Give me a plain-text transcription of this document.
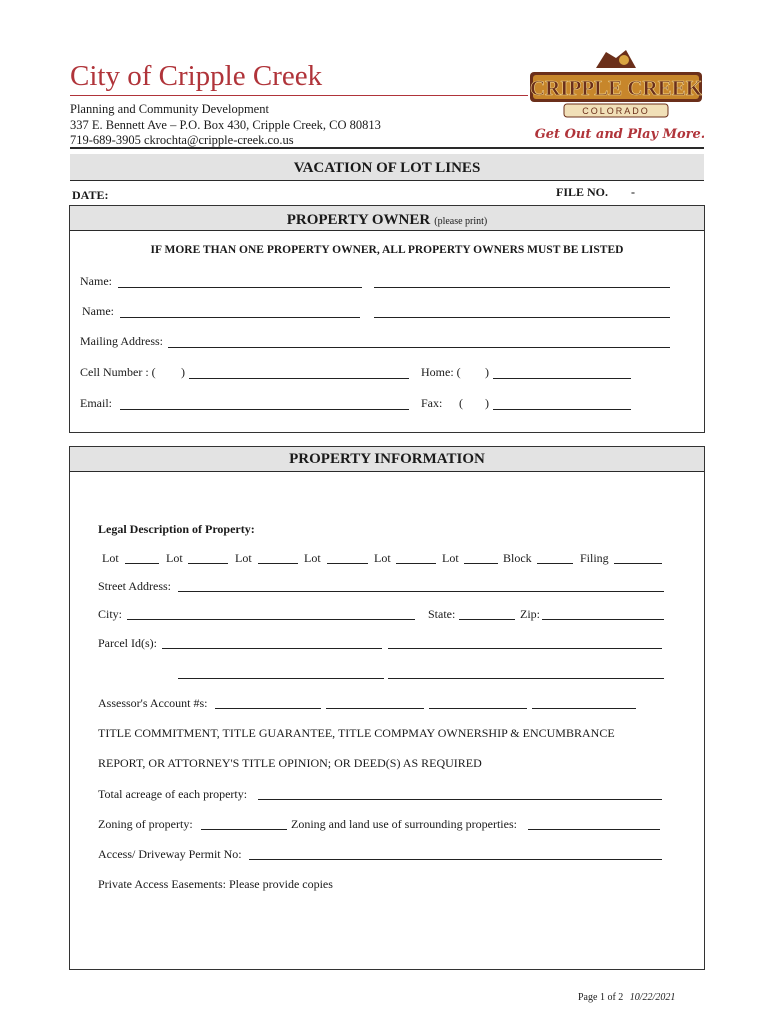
City of Cripple Creek
Planning and Community Development
337 E. Bennett Ave – P.O. Box 430, Cripple Creek, CO 80813
719-689-3905 ckrochta@cripple-creek.co.us
CRIPPLE CREEK
COLORADO
Get Out and Play More.
VACATION OF LOT LINES
DATE:	FILE NO. -
PROPERTY OWNER (please print)
IF MORE THAN ONE PROPERTY OWNER, ALL PROPERTY OWNERS MUST BE LISTED
Name:
Name:
Mailing Address:
Cell Number : ( )	Home: ( )
Email:	Fax: ( )
PROPERTY INFORMATION
Legal Description of Property:
Lot	Lot	Lot	Lot	Lot	Lot	Block	Filing
Street Address:
City:	State:	Zip:
Parcel Id(s):
Assessor's Account #s:
TITLE COMMITMENT, TITLE GUARANTEE, TITLE COMPMAY OWNERSHIP & ENCUMBRANCE
REPORT, OR ATTORNEY'S TITLE OPINION; OR DEED(S) AS REQUIRED
Total acreage of each property:
Zoning of property:	Zoning and land use of surrounding properties:
Access/ Driveway Permit No:
Private Access Easements: Please provide copies
Page 1 of 2 10/22/2021
